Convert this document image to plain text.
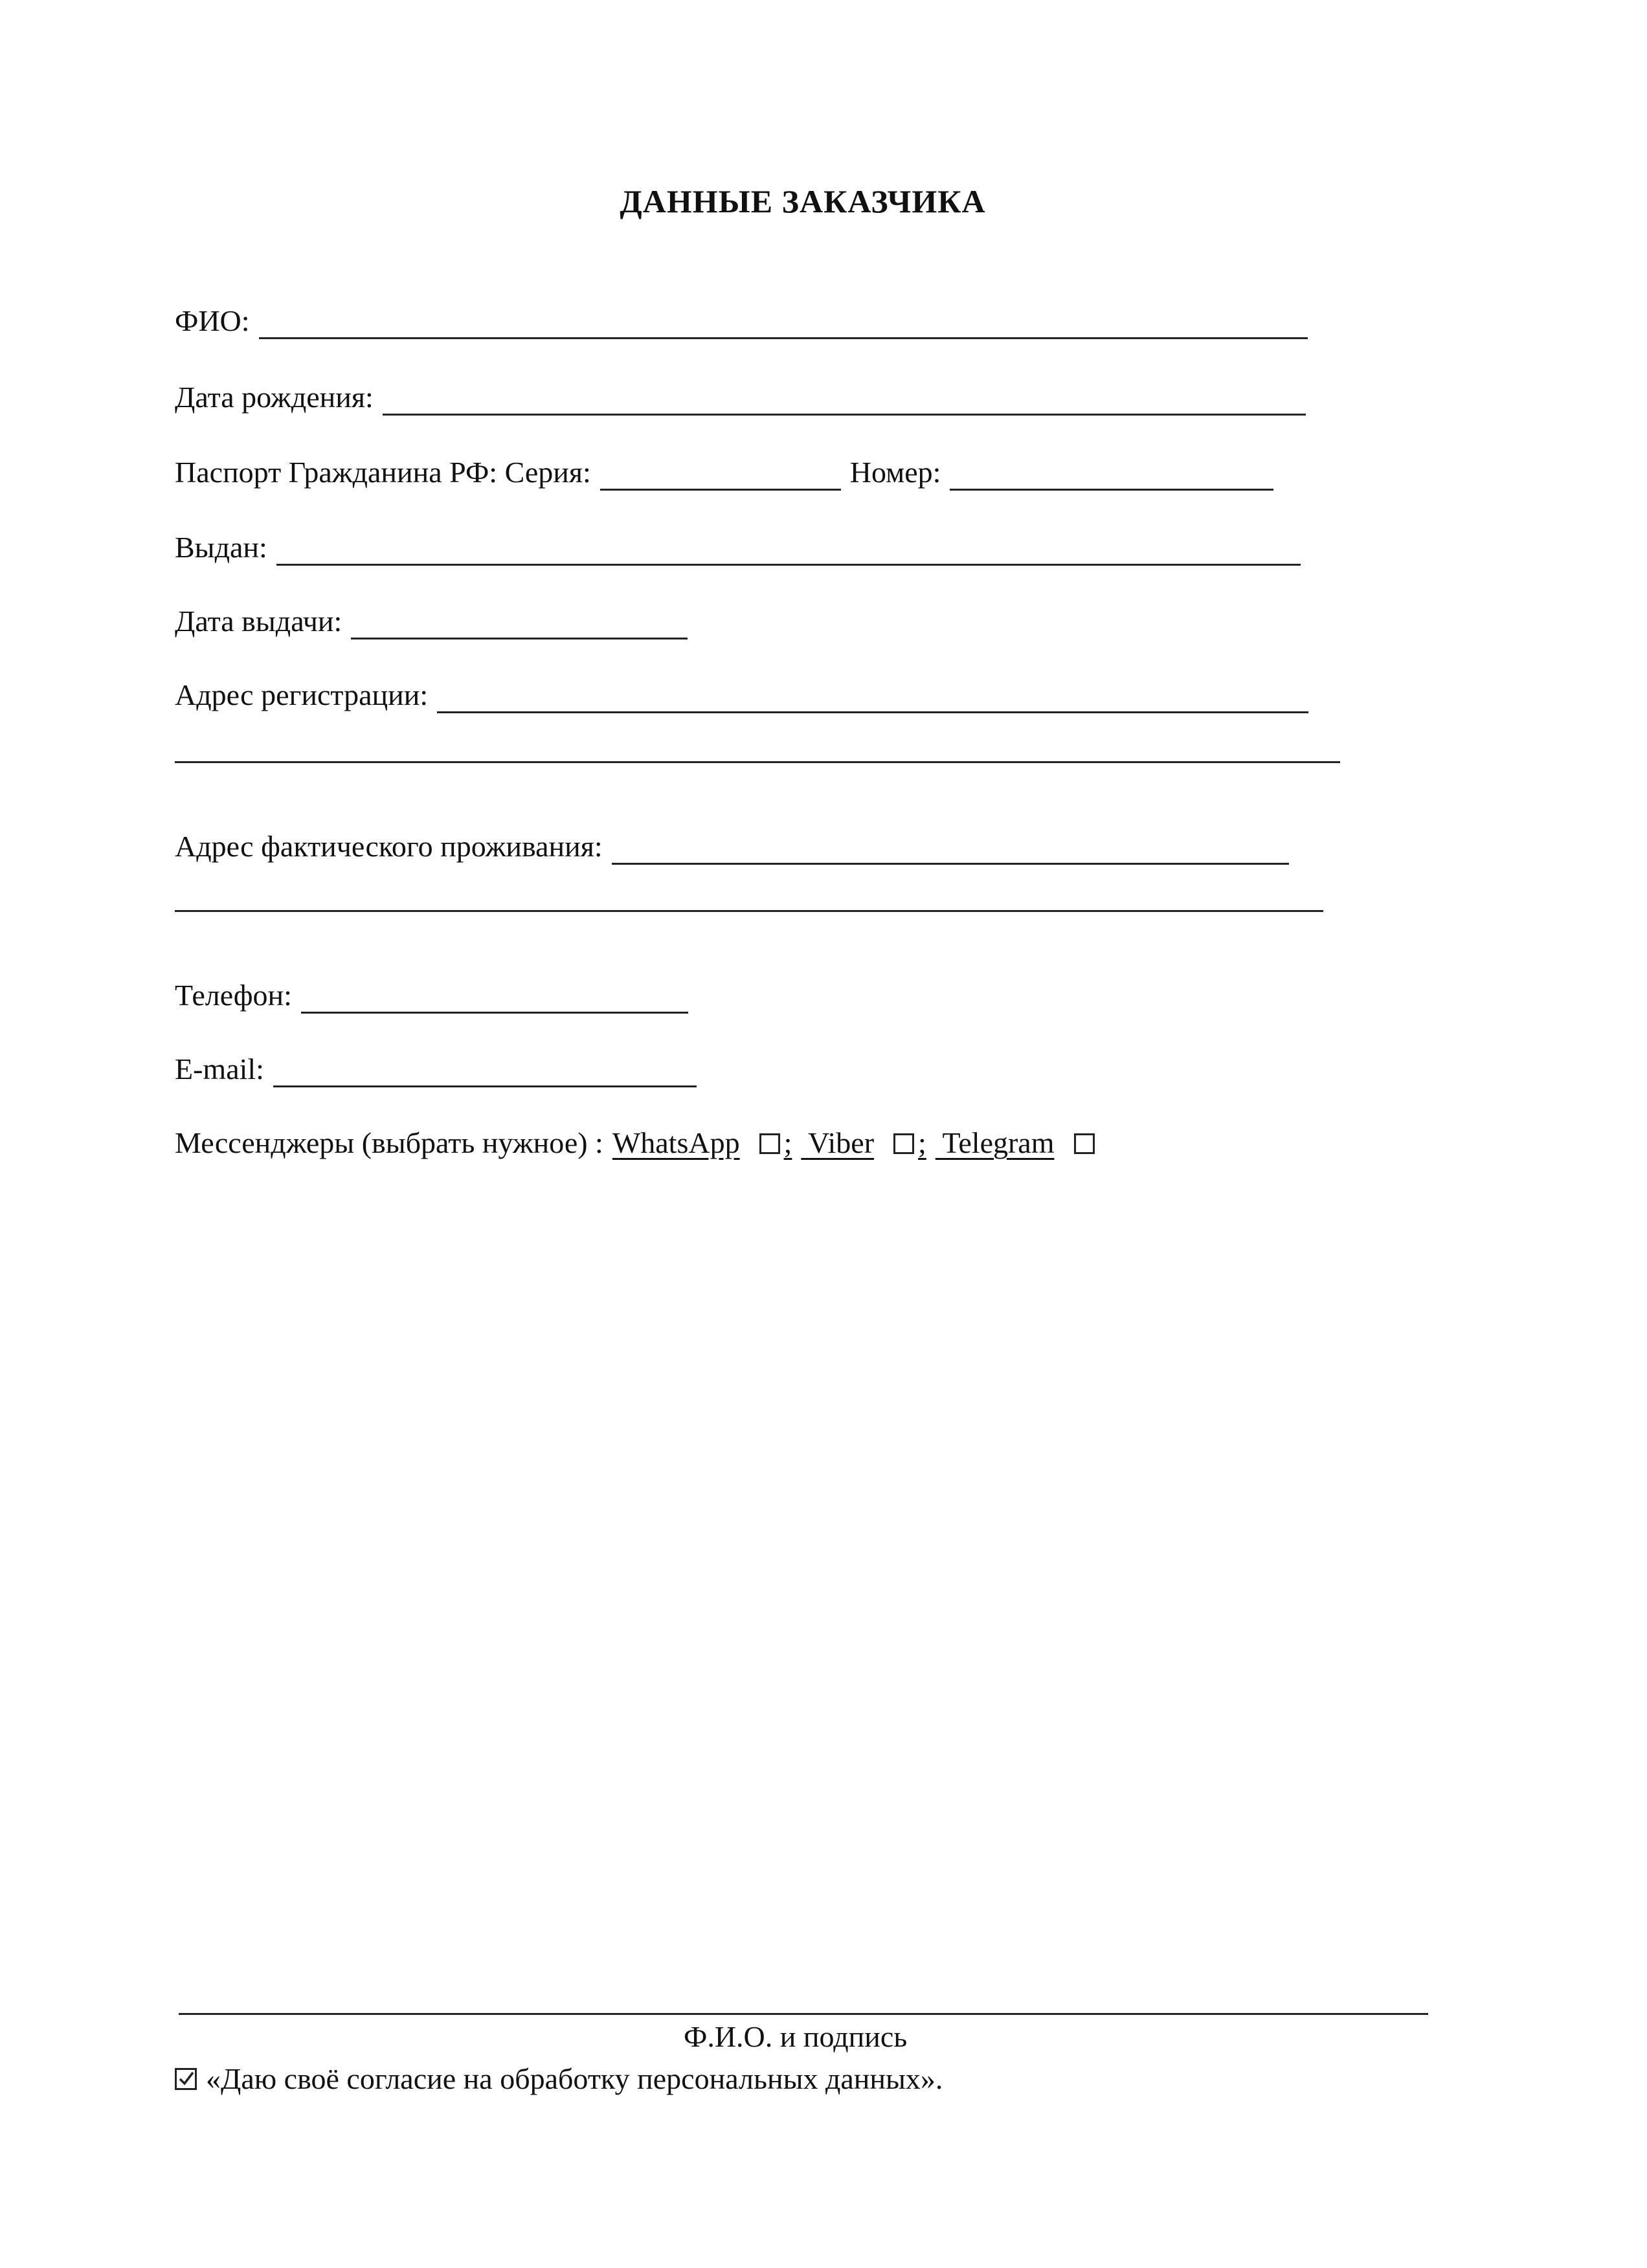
ДАННЫЕ ЗАКАЗЧИКА
ФИО:
Дата рождения:
Паспорт Гражданина РФ: Серия:	Номер:
Выдан:
Дата выдачи:
Адрес регистрации:
Адрес фактического проживания:
Телефон:
E-mail:
Мессенджеры (выбрать нужное) : WhatsApp ; Viber ; Telegram
Ф.И.О. и подпись
«Даю своё согласие на обработку персональных данных».
